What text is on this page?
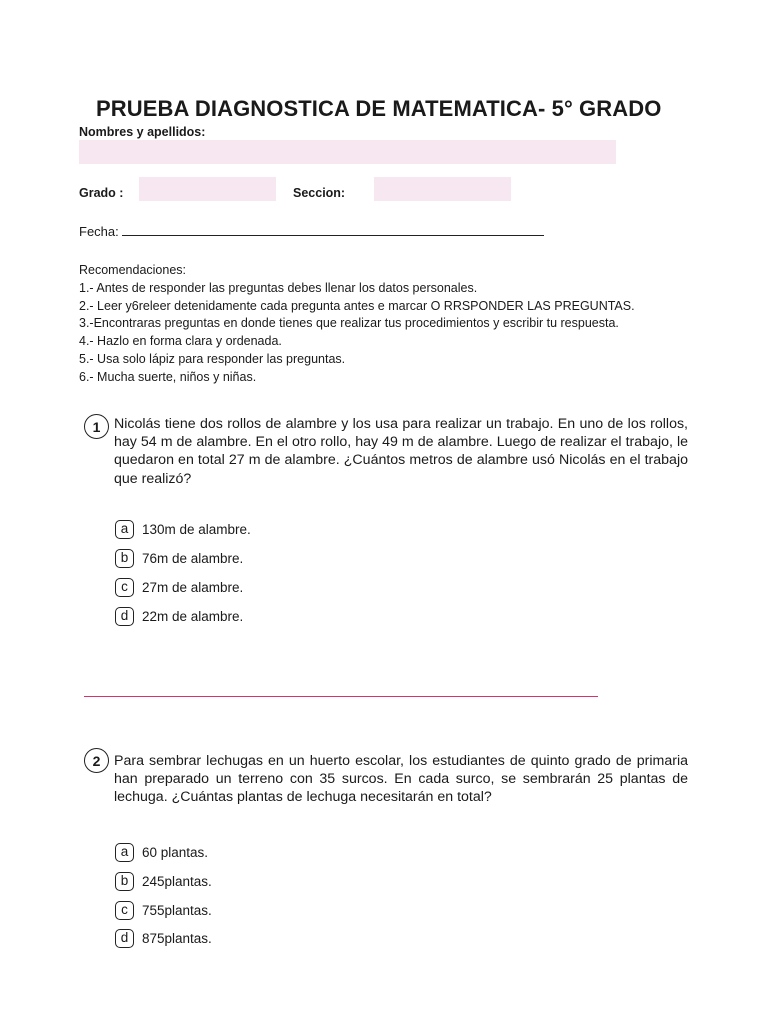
PRUEBA DIAGNOSTICA DE MATEMATICA- 5° GRADO
Nombres y apellidos:
Grado :	Seccion:
Fecha:
Recomendaciones:
1.- Antes de responder las preguntas debes llenar los datos personales.
2.- Leer y6releer detenidamente cada pregunta antes e marcar O RRSPONDER LAS PREGUNTAS.
3.-Encontraras preguntas en donde tienes que realizar tus procedimientos y escribir tu respuesta.
4.- Hazlo en forma clara y ordenada.
5.- Usa solo lápiz para responder las preguntas.
6.- Mucha suerte, niños y niñas.
1 Nicolás tiene dos rollos de alambre y los usa para realizar un trabajo. En uno de los rollos, hay 54 m de alambre. En el otro rollo, hay 49 m de alambre. Luego de realizar el trabajo, le quedaron en total 27 m de alambre. ¿Cuántos metros de alambre usó Nicolás en el trabajo que realizó?
a	130m de alambre.
b	76m de alambre.
c	27m de alambre.
d	22m de alambre.
2 Para sembrar lechugas en un huerto escolar, los estudiantes de quinto grado de primaria han preparado un terreno con 35 surcos. En cada surco, se sembrarán 25 plantas de lechuga. ¿Cuántas plantas de lechuga necesitarán en total?
a	60 plantas.
b	245plantas.
c	755plantas.
d	875plantas.
